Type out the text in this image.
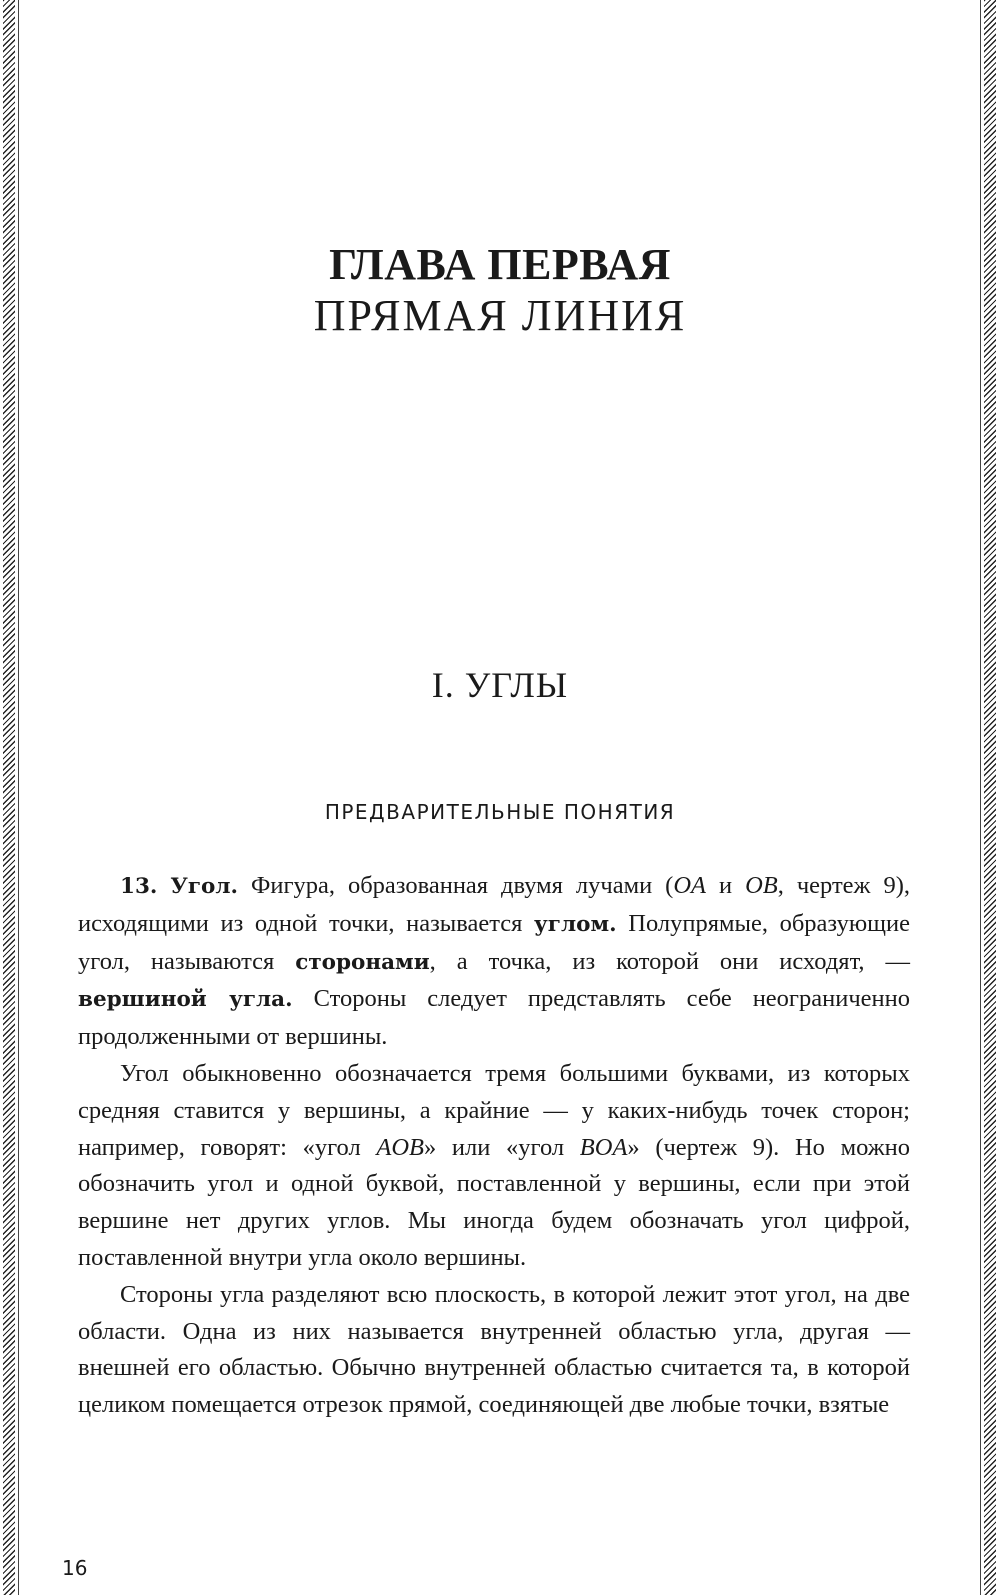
ГЛАВА ПЕРВАЯ
ПРЯМАЯ ЛИНИЯ
I. УГЛЫ
ПРЕДВАРИТЕЛЬНЫЕ ПОНЯТИЯ

13. Угол. Фигура, образованная двумя лучами (OA и OB, чертеж 9), исходящими из одной точки, называется углом. Полупрямые, образующие угол, называются сторонами, а точка, из которой они исходят, — вершиной угла. Стороны следует представлять себе неограниченно продолженными от вершины.

Угол обыкновенно обозначается тремя большими буквами, из которых средняя ставится у вершины, а крайние — у каких-нибудь точек сторон; например, говорят: «угол AOB» или «угол BOA» (чертеж 9). Но можно обозначить угол и одной буквой, поставленной у вершины, если при этой вершине нет других углов. Мы иногда будем обозначать угол цифрой, поставленной внутри угла около вершины.

Стороны угла разделяют всю плоскость, в которой лежит этот угол, на две области. Одна из них называется внутренней областью угла, другая — внешней его областью. Обычно внутренней областью считается та, в которой целиком помещается отрезок прямой, соединяющей две любые точки, взятые

16
